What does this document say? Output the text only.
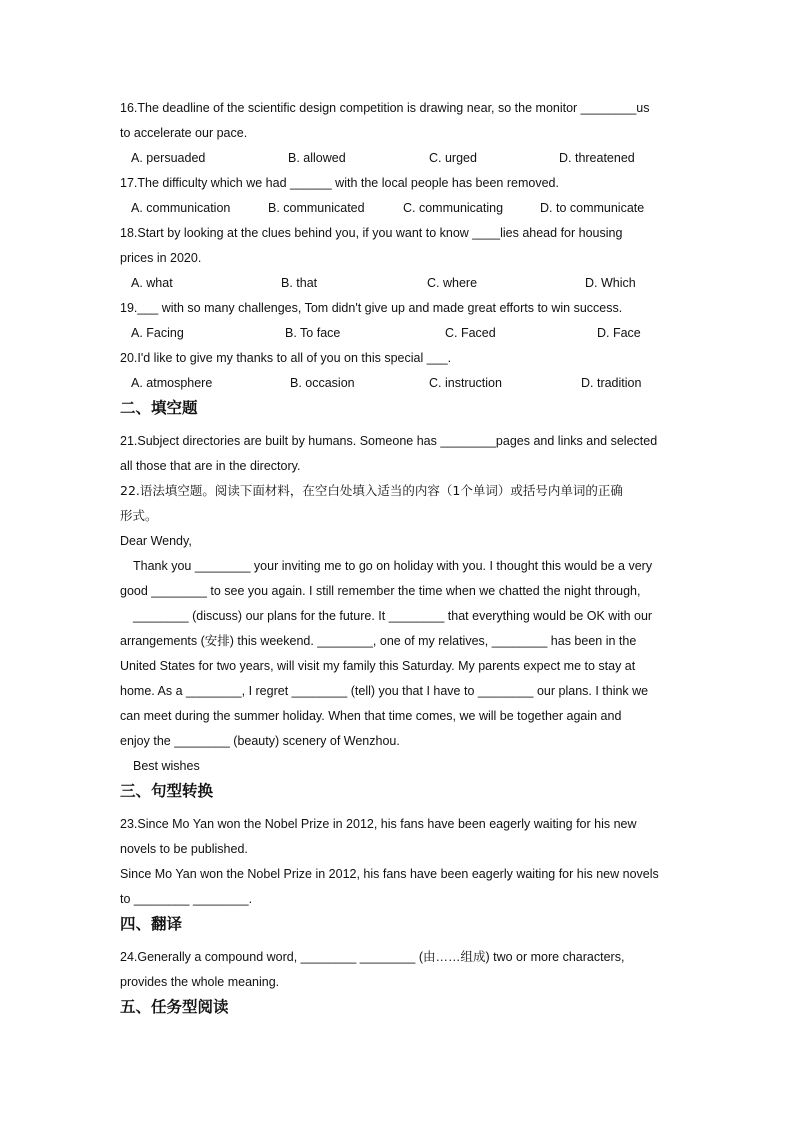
16.The deadline of the scientific design competition is drawing near, so the monitor ________us
to accelerate our pace.
A. persuaded	B. allowed	C. urged	D. threatened
17.The difficulty which we had ______ with the local people has been removed.
A. communication	B. communicated	C. communicating	D. to communicate
18.Start by looking at the clues behind you, if you want to know ____lies ahead for housing
prices in 2020.
A. what	B. that	C. where	D. Which
19.___ with so many challenges, Tom didn't give up and made great efforts to win success.
A. Facing	B. To face	C. Faced	D. Face
20.I'd like to give my thanks to all of you on this special ___.
A. atmosphere	B. occasion	C. instruction	D. tradition
二、填空题
21.Subject directories are built by humans. Someone has ________pages and links and selected
all those that are in the directory.
22.语法填空题。阅读下面材料，在空白处填入适当的内容（1个单词）或括号内单词的正确
形式。
Dear Wendy,
Thank you ________ your inviting me to go on holiday with you. I thought this would be a very
good ________ to see you again. I still remember the time when we chatted the night through,
________ (discuss) our plans for the future. It ________ that everything would be OK with our
arrangements (安排) this weekend. ________, one of my relatives, ________ has been in the
United States for two years, will visit my family this Saturday. My parents expect me to stay at
home. As a ________, I regret ________ (tell) you that I have to ________ our plans. I think we
can meet during the summer holiday. When that time comes, we will be together again and
enjoy the ________ (beauty) scenery of Wenzhou.
Best wishes
三、句型转换
23.Since Mo Yan won the Nobel Prize in 2012, his fans have been eagerly waiting for his new
novels to be published.
Since Mo Yan won the Nobel Prize in 2012, his fans have been eagerly waiting for his new novels
to ________ ________.
四、翻译
24.Generally a compound word, ________ ________ (由……组成) two or more characters,
provides the whole meaning.
五、任务型阅读
